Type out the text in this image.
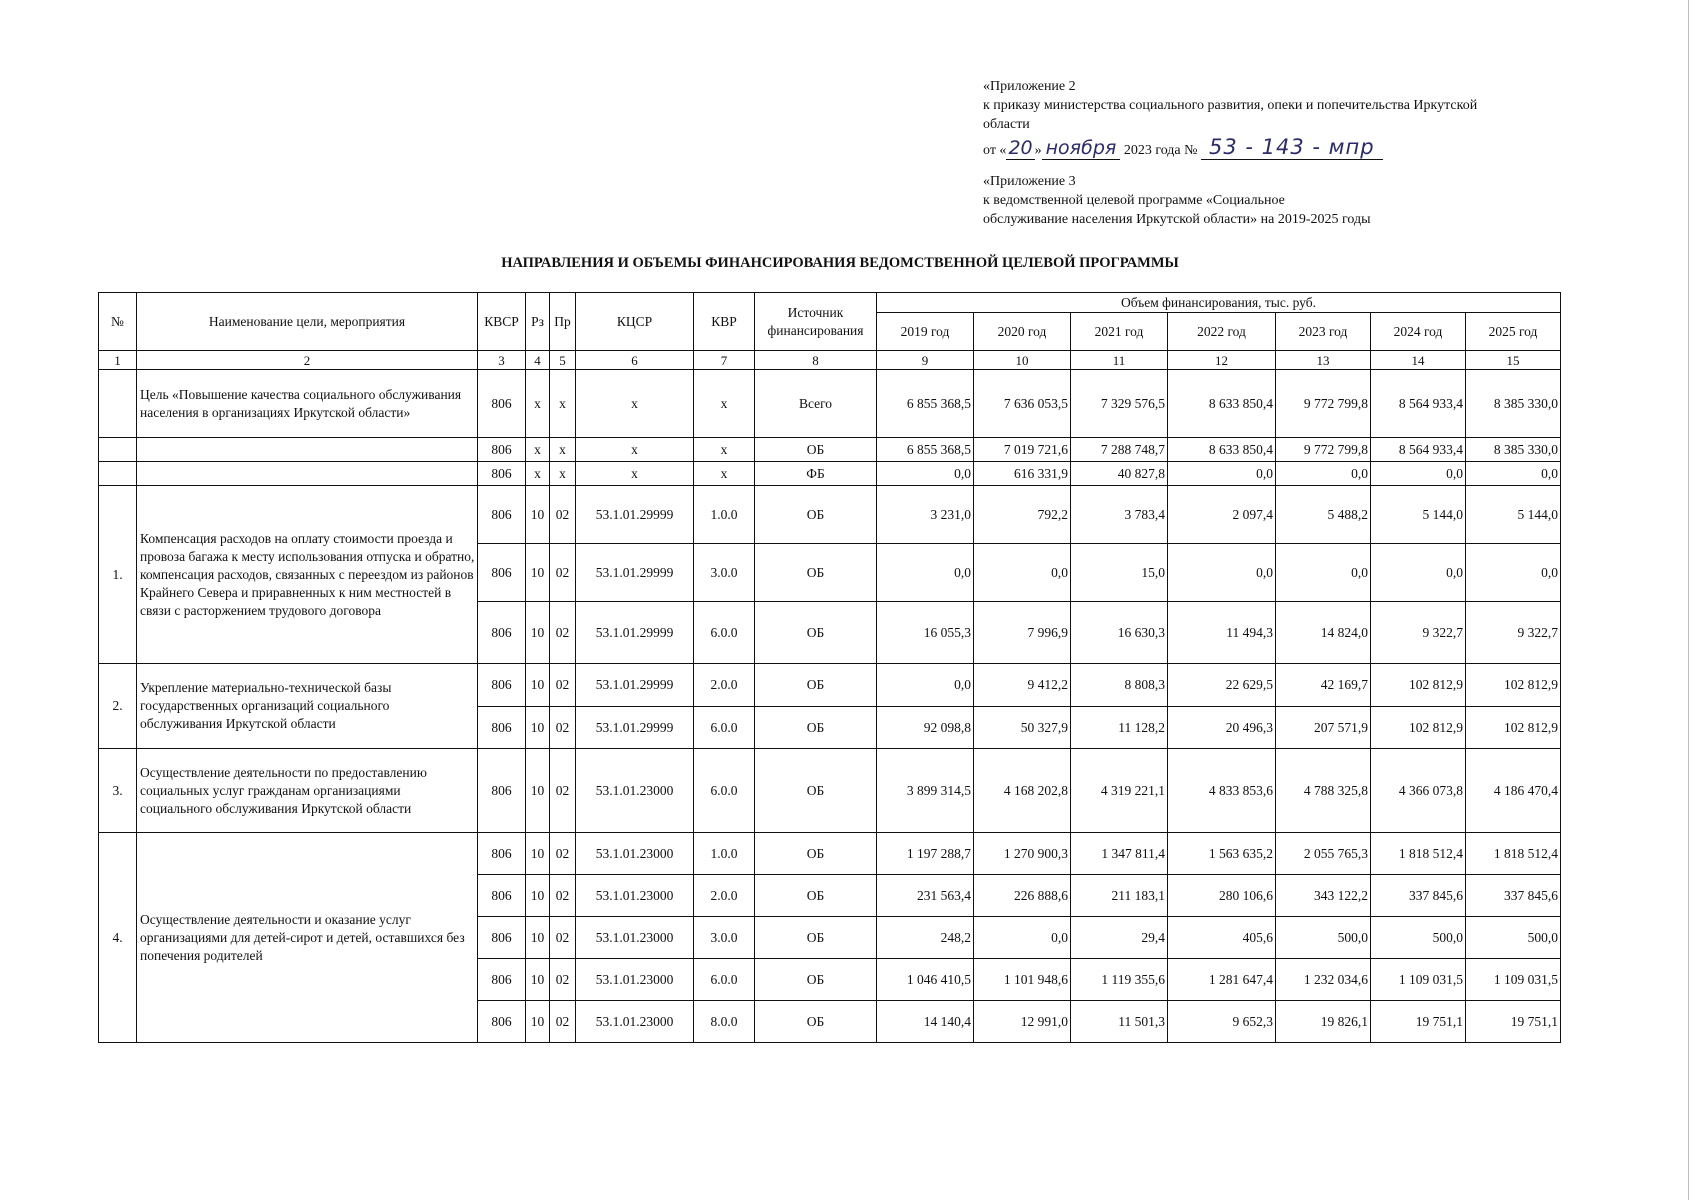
«Приложение 2
к приказу министерства социального развития, опеки и попечительства Иркутской
области
от « 20 » ноября 2023 года № 53 - 143 - мпр
«Приложение 3
к ведомственной целевой программе «Социальное
обслуживание населения Иркутской области» на 2019-2025 годы
НАПРАВЛЕНИЯ И ОБЪЕМЫ ФИНАНСИРОВАНИЯ ВЕДОМСТВЕННОЙ ЦЕЛЕВОЙ ПРОГРАММЫ
№	Наименование цели, мероприятия	КВСР	Рз	Пр	КЦСР	КВР	Источник финансирования	Объем финансирования, тыс. руб.						
								2019 год	2020 год	2021 год	2022 год	2023 год	2024 год	2025 год
1	2	3	4	5	6	7	8	9	10	11	12	13	14	15
	Цель «Повышение качества социального обслуживания населения в организациях Иркутской области»	806	x	x	x	x	Всего	6 855 368,5	7 636 053,5	7 329 576,5	8 633 850,4	9 772 799,8	8 564 933,4	8 385 330,0
		806	x	x	x	x	ОБ	6 855 368,5	7 019 721,6	7 288 748,7	8 633 850,4	9 772 799,8	8 564 933,4	8 385 330,0
		806	x	x	x	x	ФБ	0,0	616 331,9	40 827,8	0,0	0,0	0,0	0,0
1.	Компенсация расходов на оплату стоимости проезда и провоза багажа к месту использования отпуска и обратно, компенсация расходов, связанных с переездом из районов Крайнего Севера и приравненных к ним местностей в связи с расторжением трудового договора	806	10	02	53.1.01.29999	1.0.0	ОБ	3 231,0	792,2	3 783,4	2 097,4	5 488,2	5 144,0	5 144,0
		806	10	02	53.1.01.29999	3.0.0	ОБ	0,0	0,0	15,0	0,0	0,0	0,0	0,0
		806	10	02	53.1.01.29999	6.0.0	ОБ	16 055,3	7 996,9	16 630,3	11 494,3	14 824,0	9 322,7	9 322,7
2.	Укрепление материально-технической базы государственных организаций социального обслуживания Иркутской области	806	10	02	53.1.01.29999	2.0.0	ОБ	0,0	9 412,2	8 808,3	22 629,5	42 169,7	102 812,9	102 812,9
		806	10	02	53.1.01.29999	6.0.0	ОБ	92 098,8	50 327,9	11 128,2	20 496,3	207 571,9	102 812,9	102 812,9
3.	Осуществление деятельности по предоставлению социальных услуг гражданам организациями социального обслуживания Иркутской области	806	10	02	53.1.01.23000	6.0.0	ОБ	3 899 314,5	4 168 202,8	4 319 221,1	4 833 853,6	4 788 325,8	4 366 073,8	4 186 470,4
4.	Осуществление деятельности и оказание услуг организациями для детей-сирот и детей, оставшихся без попечения родителей	806	10	02	53.1.01.23000	1.0.0	ОБ	1 197 288,7	1 270 900,3	1 347 811,4	1 563 635,2	2 055 765,3	1 818 512,4	1 818 512,4
		806	10	02	53.1.01.23000	2.0.0	ОБ	231 563,4	226 888,6	211 183,1	280 106,6	343 122,2	337 845,6	337 845,6
		806	10	02	53.1.01.23000	3.0.0	ОБ	248,2	0,0	29,4	405,6	500,0	500,0	500,0
		806	10	02	53.1.01.23000	6.0.0	ОБ	1 046 410,5	1 101 948,6	1 119 355,6	1 281 647,4	1 232 034,6	1 109 031,5	1 109 031,5
		806	10	02	53.1.01.23000	8.0.0	ОБ	14 140,4	12 991,0	11 501,3	9 652,3	19 826,1	19 751,1	19 751,1
